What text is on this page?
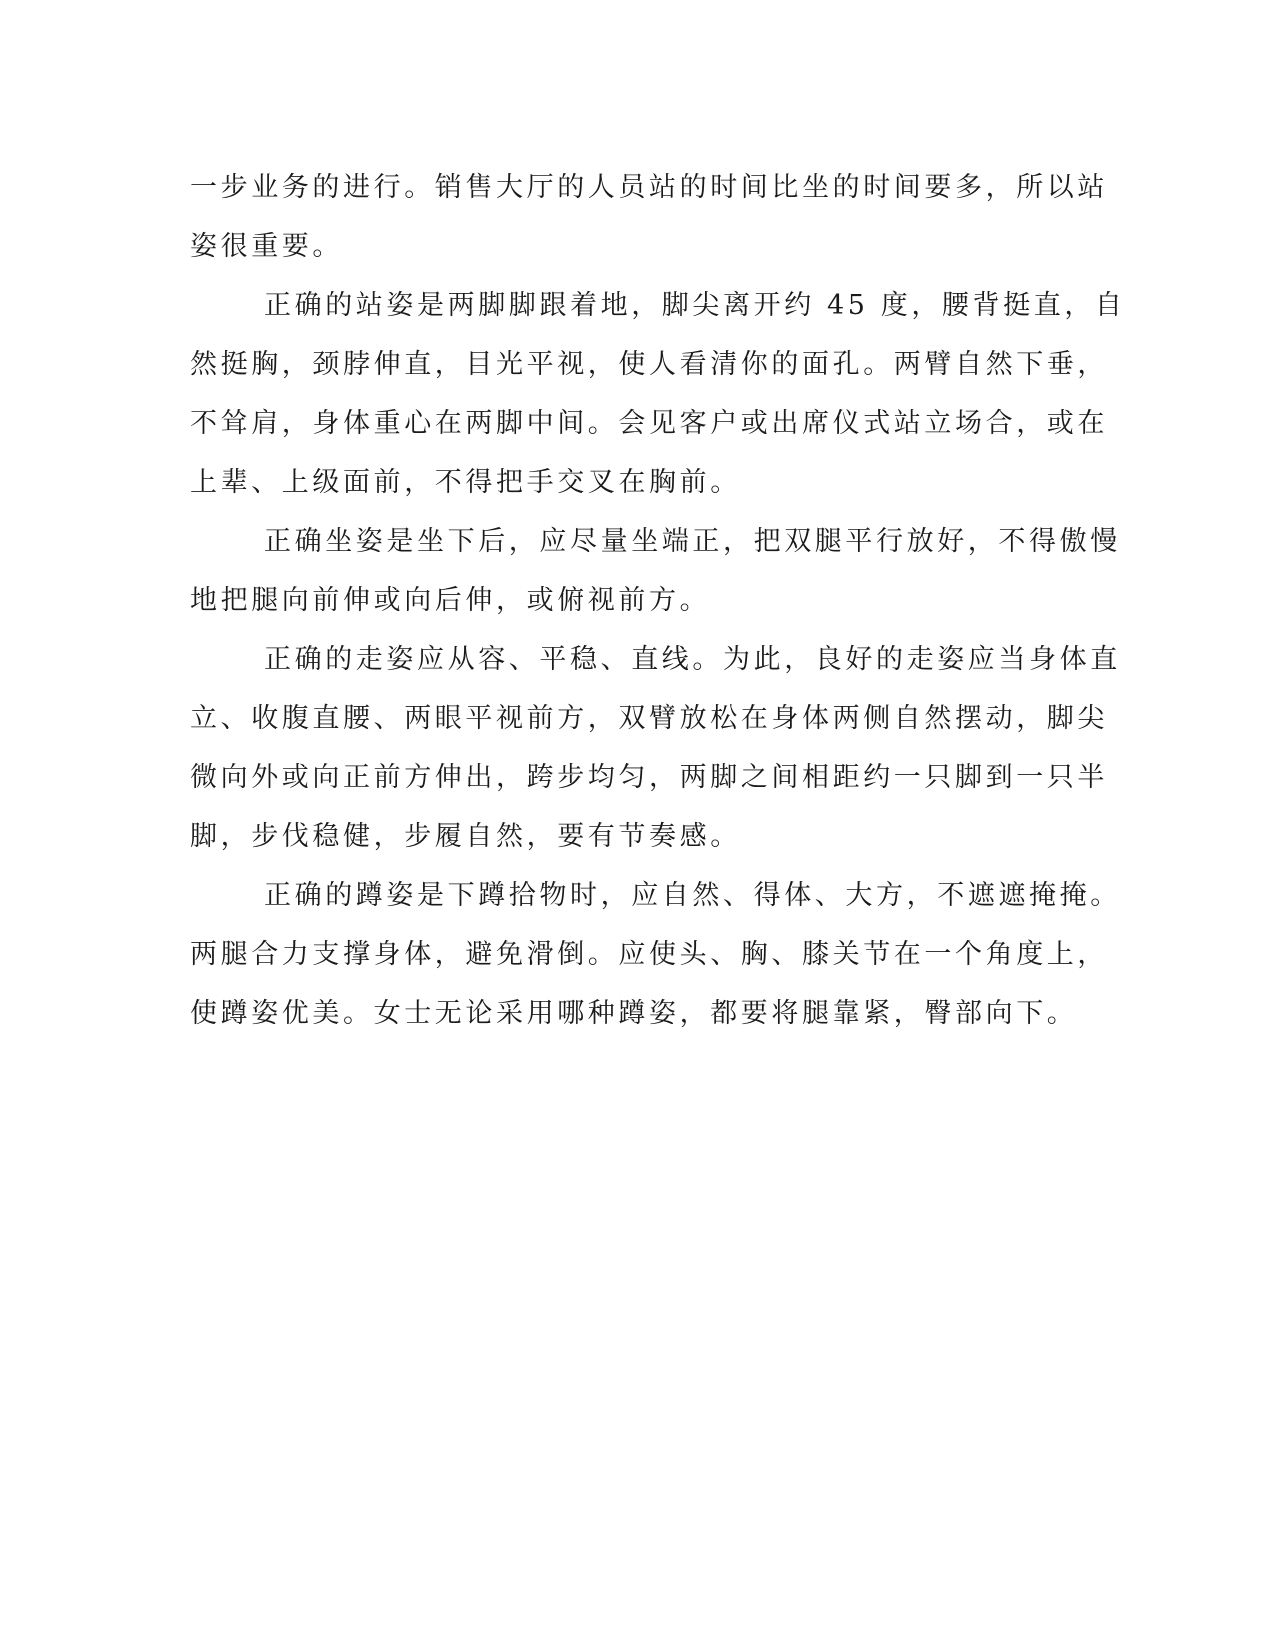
一步业务的进行。销售大厅的人员站的时间比坐的时间要多，所以站
姿很重要。
正确的站姿是两脚脚跟着地，脚尖离开约 45 度，腰背挺直，自
然挺胸，颈脖伸直，目光平视，使人看清你的面孔。两臂自然下垂，
不耸肩，身体重心在两脚中间。会见客户或出席仪式站立场合，或在
上辈、上级面前，不得把手交叉在胸前。
正确坐姿是坐下后，应尽量坐端正，把双腿平行放好，不得傲慢
地把腿向前伸或向后伸，或俯视前方。
正确的走姿应从容、平稳、直线。为此，良好的走姿应当身体直
立、收腹直腰、两眼平视前方，双臂放松在身体两侧自然摆动，脚尖
微向外或向正前方伸出，跨步均匀，两脚之间相距约一只脚到一只半
脚，步伐稳健，步履自然，要有节奏感。
正确的蹲姿是下蹲拾物时，应自然、得体、大方，不遮遮掩掩。
两腿合力支撑身体，避免滑倒。应使头、胸、膝关节在一个角度上，
使蹲姿优美。女士无论采用哪种蹲姿，都要将腿靠紧，臀部向下。
